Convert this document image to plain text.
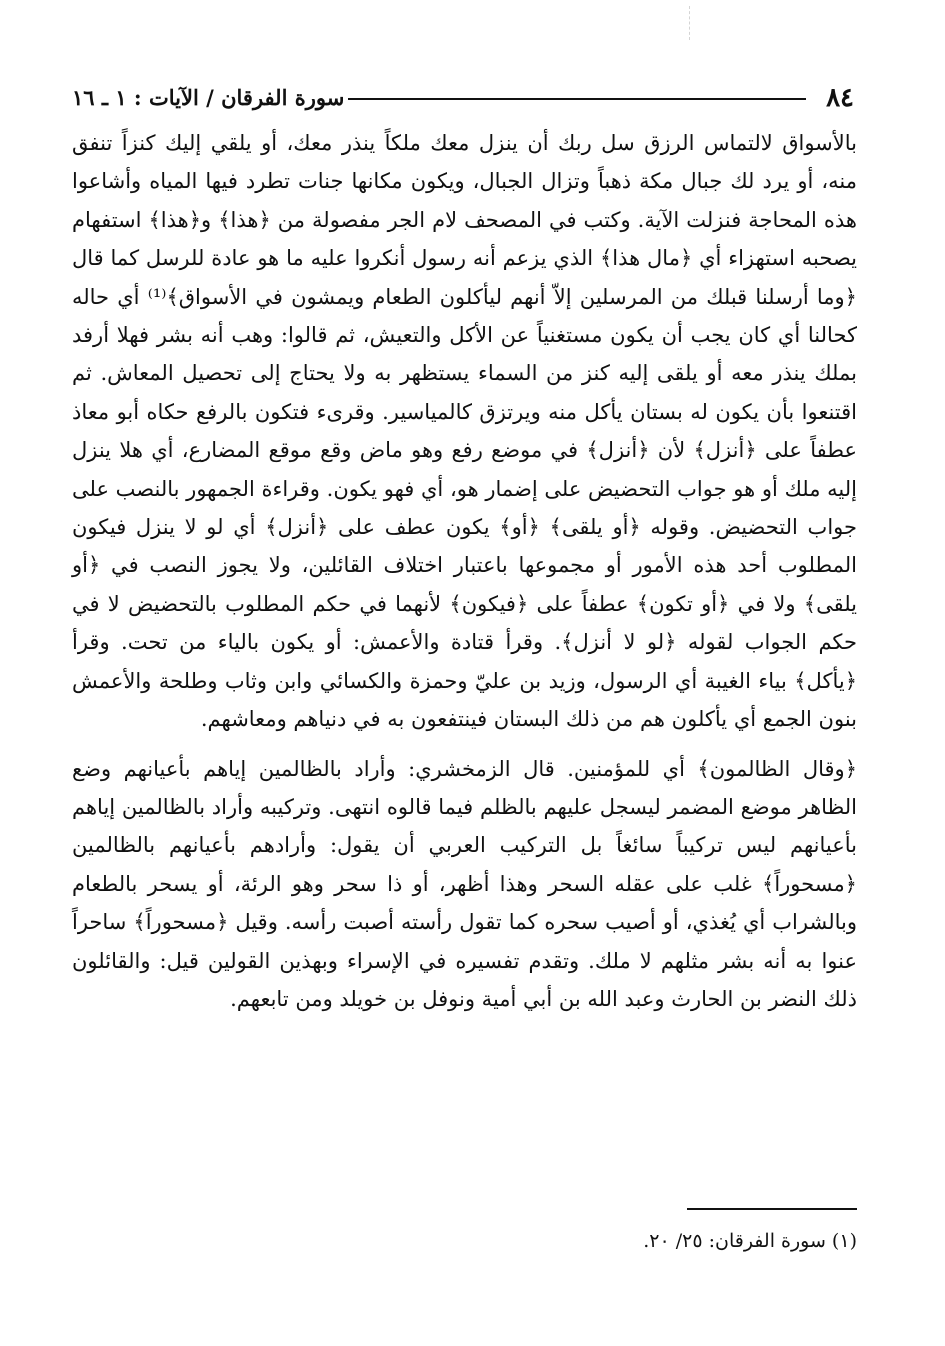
٨٤
سورة الفرقان / الآيات : ١ ـ ١٦

بالأسواق لالتماس الرزق سل ربك أن ينزل معك ملكاً ينذر معك، أو يلقي إليك كنزاً تنفق منه، أو يرد لك جبال مكة ذهباً وتزال الجبال، ويكون مكانها جنات تطرد فيها المياه وأشاعوا هذه المحاجة فنزلت الآية. وكتب في المصحف لام الجر مفصولة من ﴿هذا﴾ و﴿هذا﴾ استفهام يصحبه استهزاء أي ﴿مال هذا﴾ الذي يزعم أنه رسول أنكروا عليه ما هو عادة للرسل كما قال ﴿وما أرسلنا قبلك من المرسلين إلاّ أنهم ليأكلون الطعام ويمشون في الأسواق﴾⁽¹⁾ أي حاله كحالنا أي كان يجب أن يكون مستغنياً عن الأكل والتعيش، ثم قالوا: وهب أنه بشر فهلا أرفد بملك ينذر معه أو يلقى إليه كنز من السماء يستظهر به ولا يحتاج إلى تحصيل المعاش. ثم اقتنعوا بأن يكون له بستان يأكل منه ويرتزق كالمياسير. وقرىء فتكون بالرفع حكاه أبو معاذ عطفاً على ﴿أنزل﴾ لأن ﴿أنزل﴾ في موضع رفع وهو ماض وقع موقع المضارع، أي هلا ينزل إليه ملك أو هو جواب التحضيض على إضمار هو، أي فهو يكون. وقراءة الجمهور بالنصب على جواب التحضيض. وقوله ﴿أو يلقى﴾ ﴿أو﴾ يكون عطف على ﴿أنزل﴾ أي لو لا ينزل فيكون المطلوب أحد هذه الأمور أو مجموعها باعتبار اختلاف القائلين، ولا يجوز النصب في ﴿أو يلقى﴾ ولا في ﴿أو تكون﴾ عطفاً على ﴿فيكون﴾ لأنهما في حكم المطلوب بالتحضيض لا في حكم الجواب لقوله ﴿لو لا أنزل﴾. وقرأ قتادة والأعمش: أو يكون بالياء من تحت. وقرأ ﴿يأكل﴾ بياء الغيبة أي الرسول، وزيد بن عليّ وحمزة والكسائي وابن وثاب وطلحة والأعمش بنون الجمع أي يأكلون هم من ذلك البستان فينتفعون به في دنياهم ومعاشهم.

﴿وقال الظالمون﴾ أي للمؤمنين. قال الزمخشري: وأراد بالظالمين إياهم بأعيانهم وضع الظاهر موضع المضمر ليسجل عليهم بالظلم فيما قالوه انتهى. وتركيبه وأراد بالظالمين إياهم بأعيانهم ليس تركيباً سائغاً بل التركيب العربي أن يقول: وأرادهم بأعيانهم بالظالمين ﴿مسحوراً﴾ غلب على عقله السحر وهذا أظهر، أو ذا سحر وهو الرئة، أو يسحر بالطعام وبالشراب أي يُغذي، أو أصيب سحره كما تقول رأسته أصبت رأسه. وقيل ﴿مسحوراً﴾ ساحراً عنوا به أنه بشر مثلهم لا ملك. وتقدم تفسيره في الإسراء وبهذين القولين قيل: والقائلون ذلك النضر بن الحارث وعبد الله بن أبي أمية ونوفل بن خويلد ومن تابعهم.

(١) سورة الفرقان: ٢٥/ ٢٠.
